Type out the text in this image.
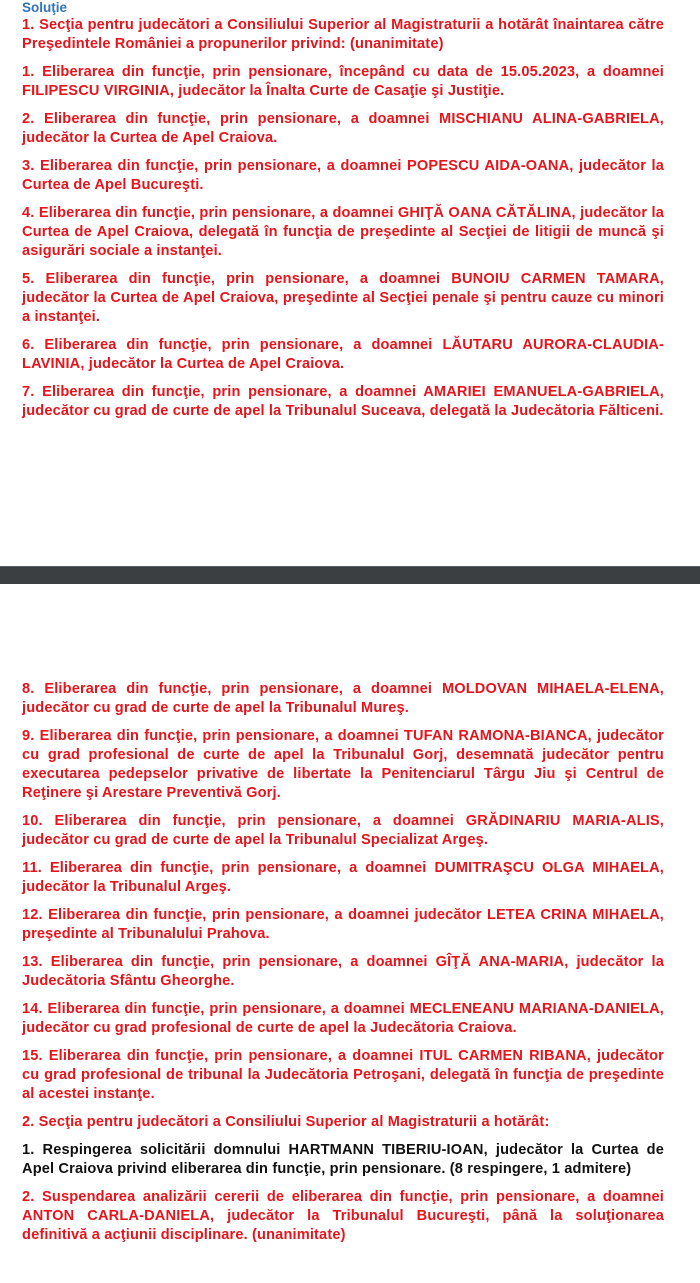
Soluţie

1. Secţia pentru judecători a Consiliului Superior al Magistraturii a hotărât înaintarea către Preşedintele României a propunerilor privind: (unanimitate)

1. Eliberarea din funcţie, prin pensionare, începând cu data de 15.05.2023, a doamnei FILIPESCU VIRGINIA, judecător la Înalta Curte de Casaţie şi Justiţie.

2. Eliberarea din funcţie, prin pensionare, a doamnei MISCHIANU ALINA-GABRIELA, judecător la Curtea de Apel Craiova.

3. Eliberarea din funcţie, prin pensionare, a doamnei POPESCU AIDA-OANA, judecător la Curtea de Apel Bucureşti.

4. Eliberarea din funcţie, prin pensionare, a doamnei GHIŢĂ OANA CĂTĂLINA, judecător la Curtea de Apel Craiova, delegată în funcţia de preşedinte al Secţiei de litigii de muncă şi asigurări sociale a instanţei.

5. Eliberarea din funcţie, prin pensionare, a doamnei BUNOIU CARMEN TAMARA, judecător la Curtea de Apel Craiova, preşedinte al Secţiei penale şi pentru cauze cu minori a instanţei.

6. Eliberarea din funcţie, prin pensionare, a doamnei LĂUTARU AURORA-CLAUDIA-LAVINIA, judecător la Curtea de Apel Craiova.

7. Eliberarea din funcţie, prin pensionare, a doamnei AMARIEI EMANUELA-GABRIELA, judecător cu grad de curte de apel la Tribunalul Suceava, delegată la Judecătoria Fălticeni.

8. Eliberarea din funcţie, prin pensionare, a doamnei MOLDOVAN MIHAELA-ELENA, judecător cu grad de curte de apel la Tribunalul Mureş.

9. Eliberarea din funcţie, prin pensionare, a doamnei TUFAN RAMONA-BIANCA, judecător cu grad profesional de curte de apel la Tribunalul Gorj, desemnată judecător pentru executarea pedepselor privative de libertate la Penitenciarul Târgu Jiu şi Centrul de Reţinere şi Arestare Preventivă Gorj.

10. Eliberarea din funcţie, prin pensionare, a doamnei GRĂDINARIU MARIA-ALIS, judecător cu grad de curte de apel la Tribunalul Specializat Argeş.

11. Eliberarea din funcţie, prin pensionare, a doamnei DUMITRAŞCU OLGA MIHAELA, judecător la Tribunalul Argeş.

12. Eliberarea din funcţie, prin pensionare, a doamnei judecător LETEA CRINA MIHAELA, preşedinte al Tribunalului Prahova.

13. Eliberarea din funcţie, prin pensionare, a doamnei GÎŢĂ ANA-MARIA, judecător la Judecătoria Sfântu Gheorghe.

14. Eliberarea din funcţie, prin pensionare, a doamnei MECLENEANU MARIANA-DANIELA, judecător cu grad profesional de curte de apel la Judecătoria Craiova.

15. Eliberarea din funcţie, prin pensionare, a doamnei ITUL CARMEN RIBANA, judecător cu grad profesional de tribunal la Judecătoria Petroşani, delegată în funcţia de preşedinte al acestei instanţe.

2. Secţia pentru judecători a Consiliului Superior al Magistraturii a hotărât:

1. Respingerea solicitării domnului HARTMANN TIBERIU-IOAN, judecător la Curtea de Apel Craiova privind eliberarea din funcţie, prin pensionare. (8 respingere, 1 admitere)

2. Suspendarea analizării cererii de eliberarea din funcţie, prin pensionare, a doamnei ANTON CARLA-DANIELA, judecător la Tribunalul Bucureşti, până la soluţionarea definitivă a acţiunii disciplinare. (unanimitate)
